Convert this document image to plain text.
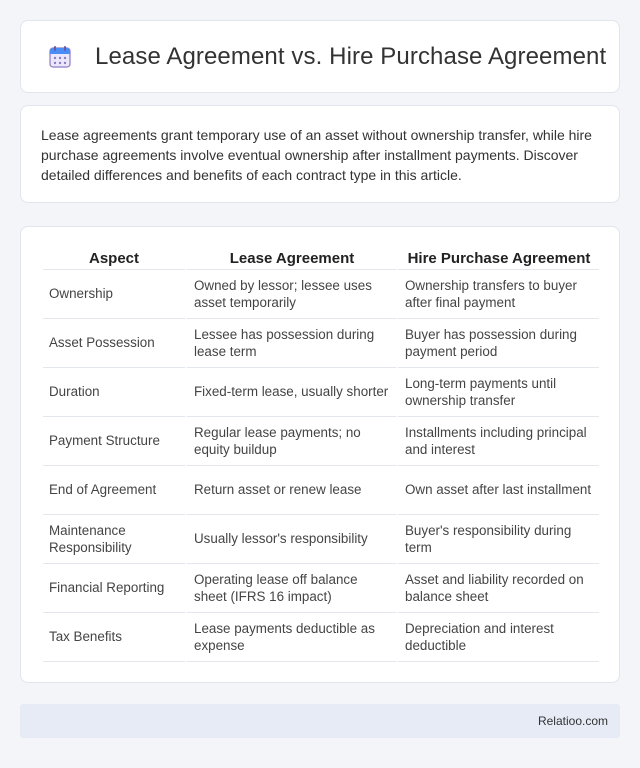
Lease Agreement vs. Hire Purchase Agreement

Lease agreements grant temporary use of an asset without ownership transfer, while hire purchase agreements involve eventual ownership after installment payments. Discover detailed differences and benefits of each contract type in this article.

Aspect	Lease Agreement	Hire Purchase Agreement
Ownership	Owned by lessor; lessee uses asset temporarily	Ownership transfers to buyer after final payment
Asset Possession	Lessee has possession during lease term	Buyer has possession during payment period
Duration	Fixed-term lease, usually shorter	Long-term payments until ownership transfer
Payment Structure	Regular lease payments; no equity buildup	Installments including principal and interest
End of Agreement	Return asset or renew lease	Own asset after last installment
Maintenance Responsibility	Usually lessor's responsibility	Buyer's responsibility during term
Financial Reporting	Operating lease off balance sheet (IFRS 16 impact)	Asset and liability recorded on balance sheet
Tax Benefits	Lease payments deductible as expense	Depreciation and interest deductible
Relatioo.com
